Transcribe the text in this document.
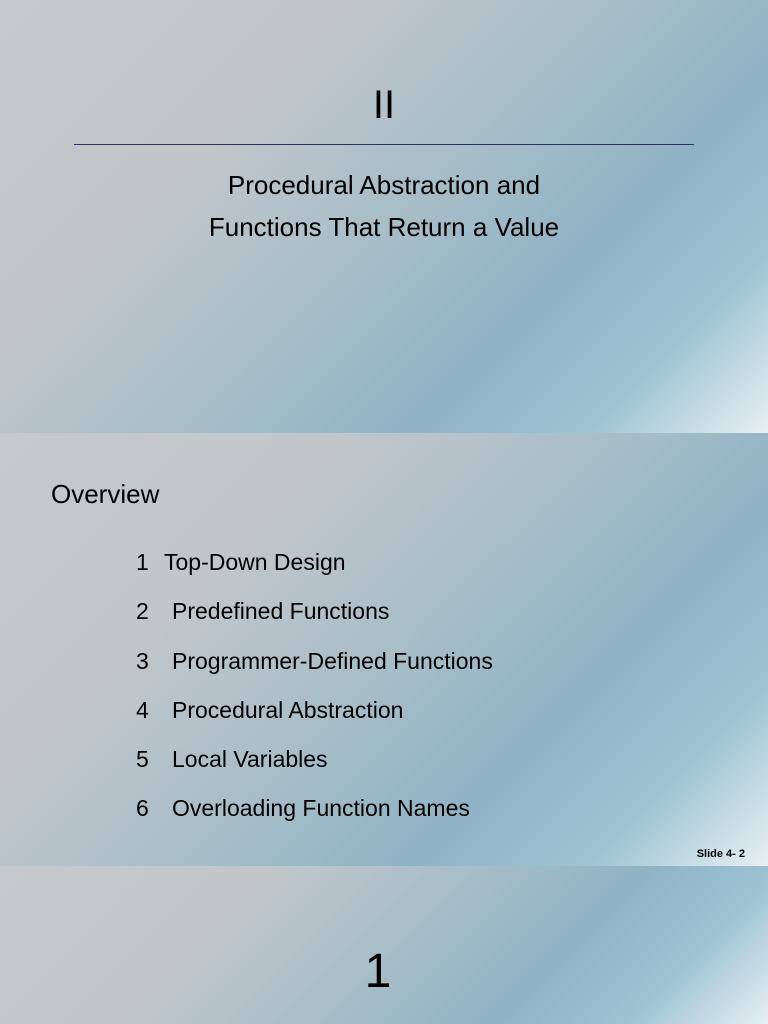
II
Procedural Abstraction and
Functions That Return a Value
Overview
1 Top-Down Design
2 Predefined Functions
3 Programmer-Defined Functions
4 Procedural Abstraction
5 Local Variables
6 Overloading Function Names
Slide 4- 2
1
